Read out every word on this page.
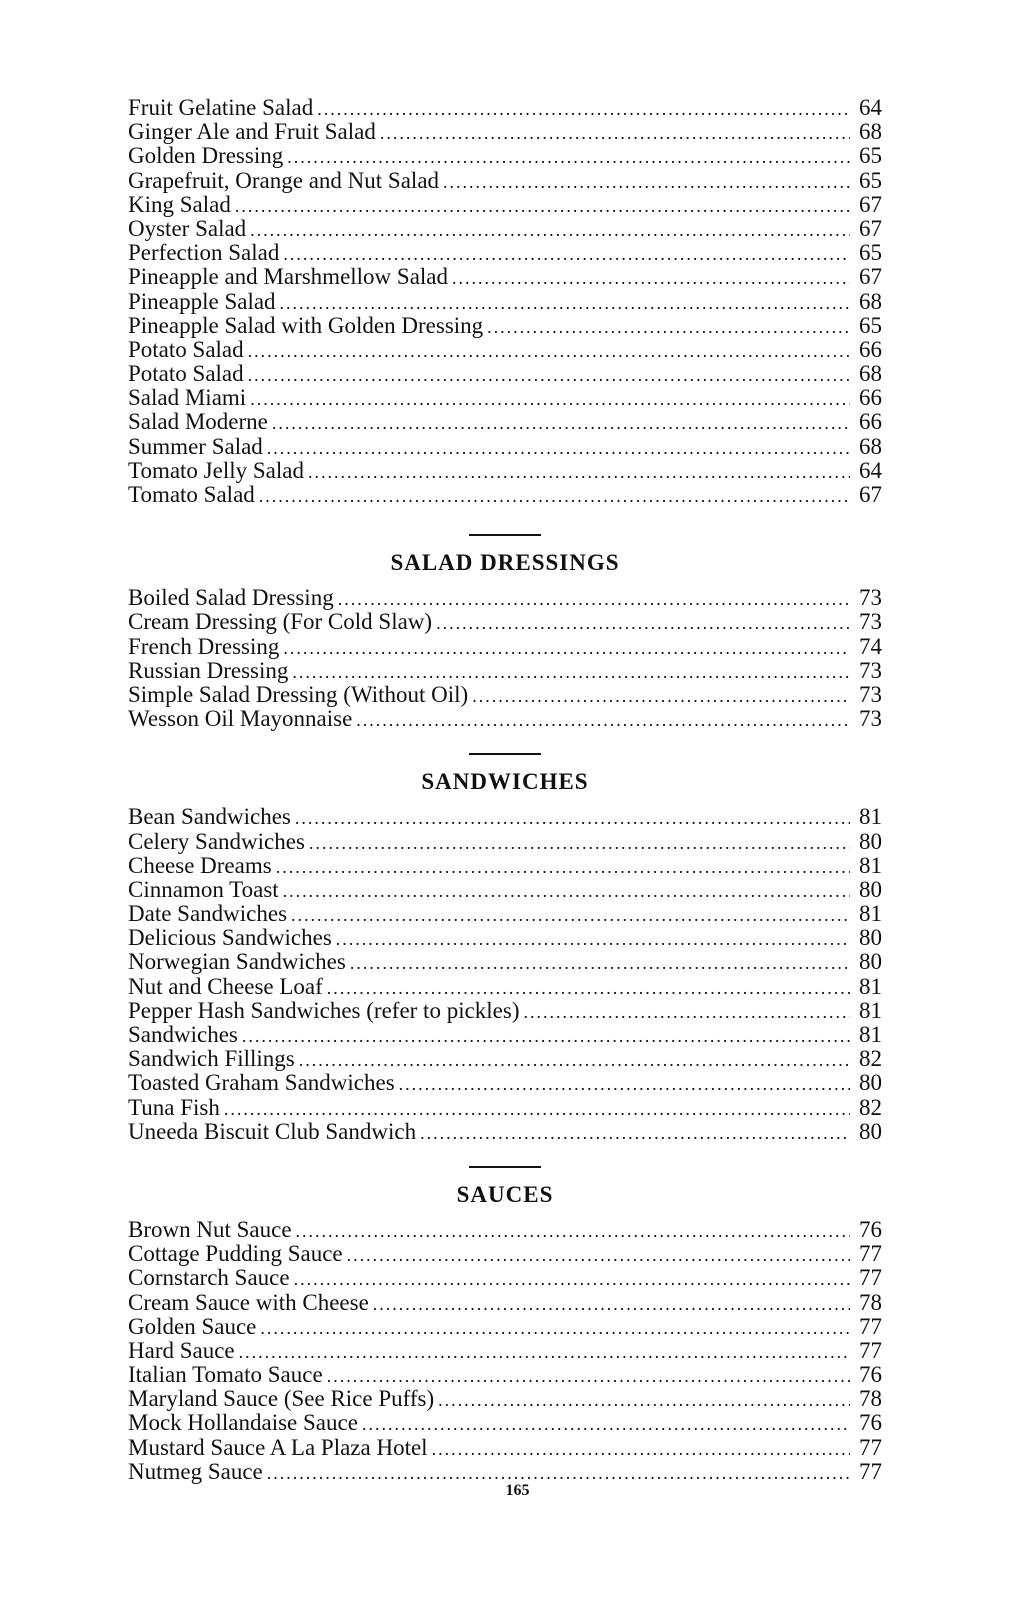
Fruit Gelatine Salad .....	64
Ginger Ale and Fruit Salad .....	68
Golden Dressing .....	65
Grapefruit, Orange and Nut Salad .....	65
King Salad .....	67
Oyster Salad .....	67
Perfection Salad .....	65
Pineapple and Marshmellow Salad .....	67
Pineapple Salad .....	68
Pineapple Salad with Golden Dressing .....	65
Potato Salad .....	66
Potato Salad .....	68
Salad Miami .....	66
Salad Moderne .....	66
Summer Salad .....	68
Tomato Jelly Salad .....	64
Tomato Salad .....	67
SALAD DRESSINGS
Boiled Salad Dressing .....	73
Cream Dressing (For Cold Slaw) .....	73
French Dressing .....	74
Russian Dressing .....	73
Simple Salad Dressing (Without Oil) .....	73
Wesson Oil Mayonnaise .....	73
SANDWICHES
Bean Sandwiches .....	81
Celery Sandwiches .....	80
Cheese Dreams .....	81
Cinnamon Toast .....	80
Date Sandwiches .....	81
Delicious Sandwiches .....	80
Norwegian Sandwiches .....	80
Nut and Cheese Loaf .....	81
Pepper Hash Sandwiches (refer to pickles) .....	81
Sandwiches .....	81
Sandwich Fillings .....	82
Toasted Graham Sandwiches .....	80
Tuna Fish .....	82
Uneeda Biscuit Club Sandwich .....	80
SAUCES
Brown Nut Sauce .....	76
Cottage Pudding Sauce .....	77
Cornstarch Sauce .....	77
Cream Sauce with Cheese .....	78
Golden Sauce .....	77
Hard Sauce .....	77
Italian Tomato Sauce .....	76
Maryland Sauce (See Rice Puffs) .....	78
Mock Hollandaise Sauce .....	76
Mustard Sauce A La Plaza Hotel .....	77
Nutmeg Sauce .....	77
165
